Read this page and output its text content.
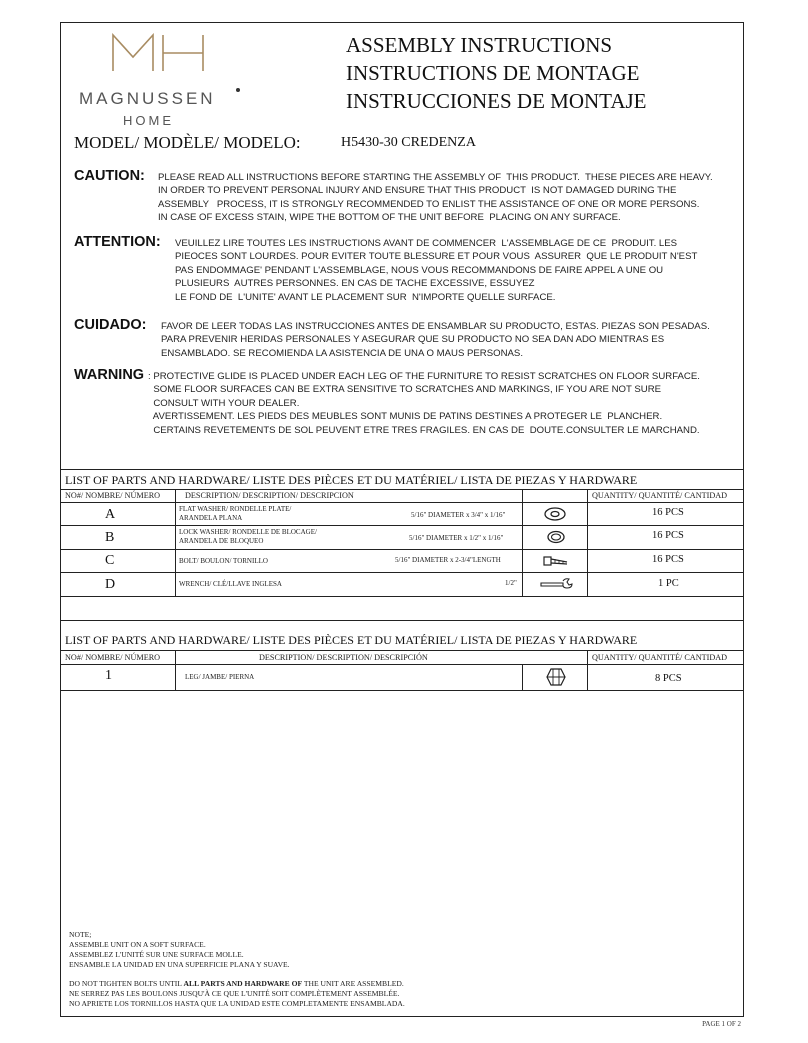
MAGNUSSEN
HOME
ASSEMBLY INSTRUCTIONS
INSTRUCTIONS DE MONTAGE
INSTRUCCIONES DE MONTAJE
MODEL/ MODÈLE/ MODELO:	H5430-30 CREDENZA
CAUTION: PLEASE READ ALL INSTRUCTIONS BEFORE STARTING THE ASSEMBLY OF  THIS PRODUCT.  THESE PIECES ARE HEAVY.
IN ORDER TO PREVENT PERSONAL INJURY AND ENSURE THAT THIS PRODUCT  IS NOT DAMAGED DURING THE
ASSEMBLY   PROCESS, IT IS STRONGLY RECOMMENDED TO ENLIST THE ASSISTANCE OF ONE OR MORE PERSONS.
IN CASE OF EXCESS STAIN, WIPE THE BOTTOM OF THE UNIT BEFORE  PLACING ON ANY SURFACE.
ATTENTION: VEUILLEZ LIRE TOUTES LES INSTRUCTIONS AVANT DE COMMENCER  L'ASSEMBLAGE DE CE  PRODUIT. LES
PIEOCES SONT LOURDES. POUR EVITER TOUTE BLESSURE ET POUR VOUS  ASSURER  QUE LE PRODUIT N'EST
PAS ENDOMMAGE' PENDANT L'ASSEMBLAGE, NOUS VOUS RECOMMANDONS DE FAIRE APPEL A UNE OU
PLUSIEURS  AUTRES PERSONNES. EN CAS DE TACHE EXCESSIVE, ESSUYEZ
LE FOND DE  L'UNITE' AVANT LE PLACEMENT SUR  N'IMPORTE QUELLE SURFACE.
CUIDADO: FAVOR DE LEER TODAS LAS INSTRUCCIONES ANTES DE ENSAMBLAR SU PRODUCTO, ESTAS. PIEZAS SON PESADAS.
PARA PREVENIR HERIDAS PERSONALES Y ASEGURAR QUE SU PRODUCTO NO SEA DAN ADO MIENTRAS ES
ENSAMBLADO. SE RECOMIENDA LA ASISTENCIA DE UNA O MAUS PERSONAS.
WARNING : PROTECTIVE GLIDE IS PLACED UNDER EACH LEG OF THE FURNITURE TO RESIST SCRATCHES ON FLOOR SURFACE.
SOME FLOOR SURFACES CAN BE EXTRA SENSITIVE TO SCRATCHES AND MARKINGS, IF YOU ARE NOT SURE
CONSULT WITH YOUR DEALER.
AVERTISSEMENT. LES PIEDS DES MEUBLES SONT MUNIS DE PATINS DESTINES A PROTEGER LE  PLANCHER.
CERTAINS REVETEMENTS DE SOL PEUVENT ETRE TRES FRAGILES. EN CAS DE  DOUTE.CONSULTER LE MARCHAND.
LIST OF PARTS AND HARDWARE/ LISTE DES PIÈCES ET DU MATÉRIEL/ LISTA DE PIEZAS Y HARDWARE
NO#/ NOMBRE/ NÚMERO	DESCRIPTION/ DESCRIPTION/ DESCRIPCION	QUANTITY/ QUANTITÉ/ CANTIDAD
A	FLAT WASHER/ RONDELLE PLATE/
ARANDELA PLANA	5/16" DIAMETER x 3/4" x 1/16"	16 PCS
B	LOCK WASHER/ RONDELLE DE BLOCAGE/
ARANDELA DE BLOQUEO	5/16" DIAMETER x 1/2" x 1/16"	16 PCS
C	BOLT/ BOULON/ TORNILLO	5/16" DIAMETER x 2-3/4"LENGTH	16 PCS
D	WRENCH/ CLÉ/LLAVE INGLESA	1/2"	1 PC
LIST OF PARTS AND HARDWARE/ LISTE DES PIÈCES ET DU MATÉRIEL/ LISTA DE PIEZAS Y HARDWARE
NO#/ NOMBRE/ NÚMERO	DESCRIPTION/ DESCRIPTION/ DESCRIPCIÓN	QUANTITY/ QUANTITÉ/ CANTIDAD
1	LEG/ JAMBE/ PIERNA	8 PCS
NOTE;
ASSEMBLE UNIT ON A SOFT SURFACE.
ASSEMBLEZ L'UNITÉ SUR UNE SURFACE MOLLE.
ENSAMBLE LA UNIDAD EN UNA SUPERFICIE PLANA Y SUAVE.
DO NOT TIGHTEN BOLTS UNTIL ALL PARTS AND HARDWARE OF THE UNIT ARE ASSEMBLED.
NE SERREZ PAS LES BOULONS JUSQU'À CE QUE L'UNITÉ SOIT COMPLÈTEMENT ASSEMBLÉE.
NO APRIETE LOS TORNILLOS HASTA QUE LA UNIDAD ESTE COMPLETAMENTE ENSAMBLADA.
PAGE 1 OF 2
